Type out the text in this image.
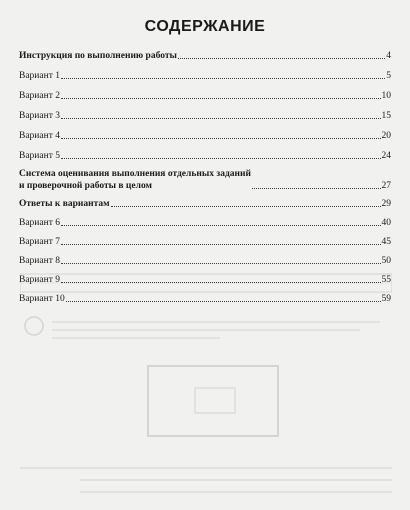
СОДЕРЖАНИЕ
Инструкция по выполнению работы	4
Вариант 1	5
Вариант 2	10
Вариант 3	15
Вариант 4	20
Вариант 5	24
Система оценивания выполнения отдельных заданий
и проверочной работы в целом	27
Ответы к вариантам	29
Вариант 6	40
Вариант 7	45
Вариант 8	50
Вариант 9	55
Вариант 10	59
